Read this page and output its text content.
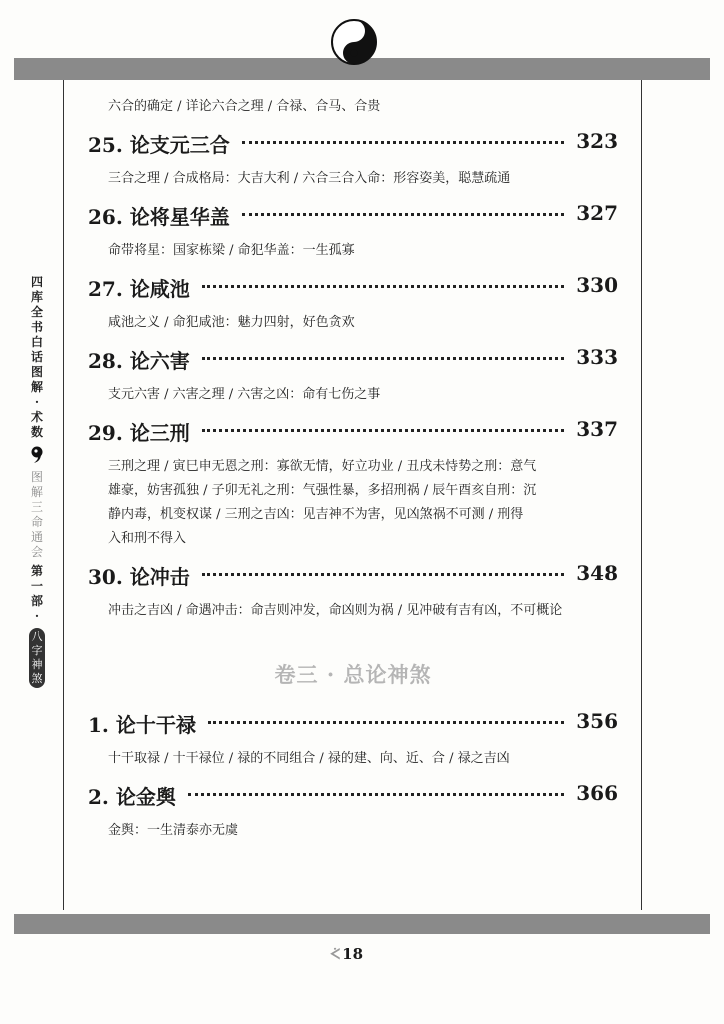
四
库
全
书
白
话
图
解
·
术
数
图
解
三
命
通
会
第
一
部
·
八
字
神
煞

六合的确定 / 详论六合之理 / 合禄、合马、合贵

25. 论支元三合	323

三合之理 / 合成格局：大吉大利 / 六合三合入命：形容姿美，聪慧疏通

26. 论将星华盖	327

命带将星：国家栋梁 / 命犯华盖：一生孤寡

27. 论咸池	330

咸池之义 / 命犯咸池：魅力四射，好色贪欢

28. 论六害	333

支元六害 / 六害之理 / 六害之凶：命有七伤之事

29. 论三刑	337

三刑之理 / 寅巳申无恩之刑：寡欲无情，好立功业 / 丑戌未恃势之刑：意气

雄豪，妨害孤独 / 子卯无礼之刑：气强性暴，多招刑祸 / 辰午酉亥自刑：沉

静内毒，机变权谋 / 三刑之吉凶：见吉神不为害，见凶煞祸不可测 / 刑得

入和刑不得入

30. 论冲击	348

冲击之吉凶 / 命遇冲击：命吉则冲发，命凶则为祸 / 见冲破有吉有凶，不可概论

卷三 · 总论神煞
1. 论十干禄	356

十干取禄 / 十干禄位 / 禄的不同组合 / 禄的建、向、近、合 / 禄之吉凶

2. 论金舆	366

金舆：一生清泰亦无虞

ᢵ 18
